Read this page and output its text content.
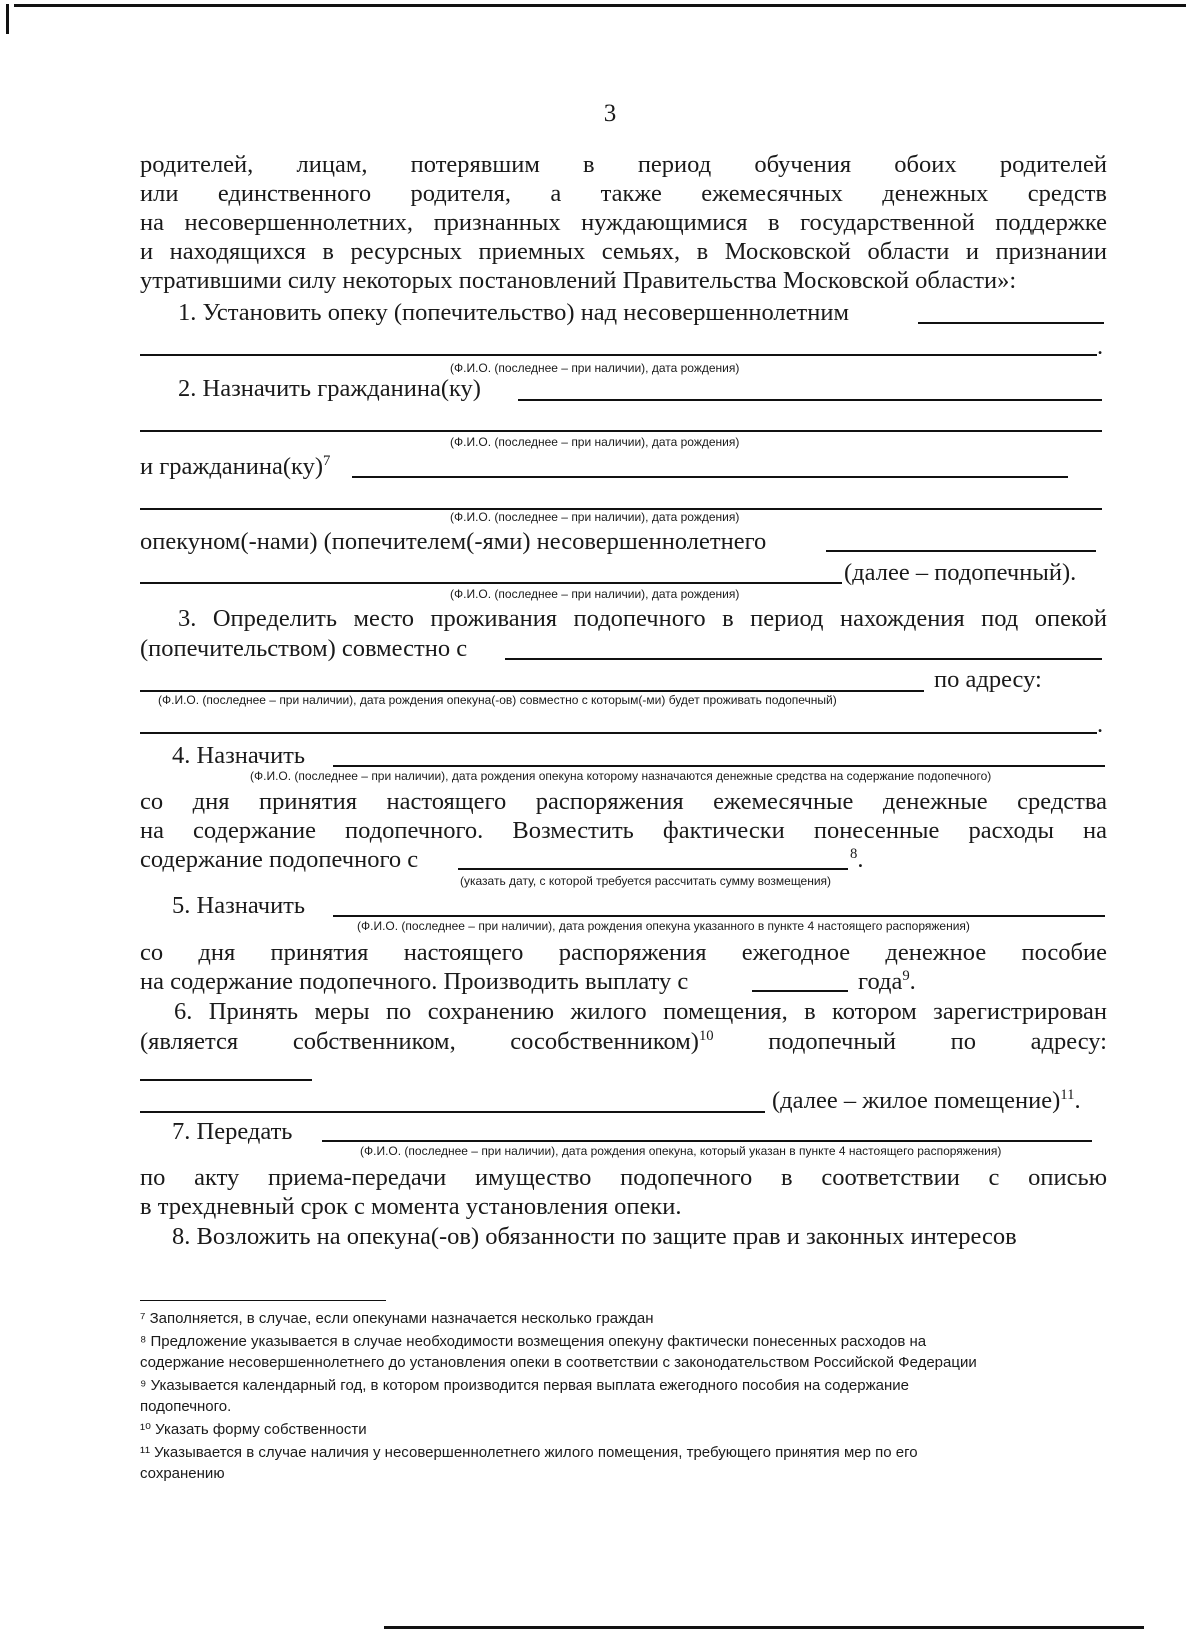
3
родителей, лицам, потерявшим в период обучения обоих родителей
или единственного родителя, а также ежемесячных денежных средств
на несовершеннолетних, признанных нуждающимися в государственной поддержке
и находящихся в ресурсных приемных семьях, в Московской области и признании
утратившими силу некоторых постановлений Правительства Московской области»:
1. Установить опеку (попечительство) над несовершеннолетним
.
(Ф.И.О. (последнее – при наличии), дата рождения)
2. Назначить гражданина(ку)
(Ф.И.О. (последнее – при наличии), дата рождения)
и гражданина(ку)$^7$
(Ф.И.О. (последнее – при наличии), дата рождения)
опекуном(-нами) (попечителем(-ями) несовершеннолетнего
(далее – подопечный).
(Ф.И.О. (последнее – при наличии), дата рождения)
3. Определить место проживания подопечного в период нахождения под опекой
(попечительством) совместно с
по адресу:
(Ф.И.О. (последнее – при наличии), дата рождения опекуна(-ов) совместно с которым(-ми) будет проживать подопечный)
.
4. Назначить
(Ф.И.О. (последнее – при наличии), дата рождения опекуна которому назначаются денежные средства на содержание подопечного)
со дня принятия настоящего распоряжения ежемесячные денежные средства
на содержание подопечного. Возместить фактически понесенные расходы на
содержание подопечного с	$^8$.
(указать дату, с которой требуется рассчитать сумму возмещения)
5. Назначить
(Ф.И.О. (последнее – при наличии), дата рождения опекуна указанного в пункте 4 настоящего распоряжения)
со дня принятия настоящего распоряжения ежегодное денежное пособие
на содержание подопечного. Производить выплату с	года$^9$.
6. Принять меры по сохранению жилого помещения, в котором зарегистрирован
(является собственником, сособственником)$^{10}$ подопечный по адресу:
(далее – жилое помещение)$^{11}$.
7. Передать
(Ф.И.О. (последнее – при наличии), дата рождения опекуна, который указан в пункте 4 настоящего распоряжения)
по акту приема-передачи имущество подопечного в соответствии с описью
в трехдневный срок с момента установления опеки.
8. Возложить на опекуна(-ов) обязанности по защите прав и законных интересов
⁷ Заполняется, в случае, если опекунами назначается несколько граждан
⁸ Предложение указывается в случае необходимости возмещения опекуну фактически понесенных расходов на
содержание несовершеннолетнего до установления опеки в соответствии с законодательством Российской Федерации
⁹ Указывается календарный год, в котором производится первая выплата ежегодного пособия на содержание
подопечного.
¹⁰ Указать форму собственности
¹¹ Указывается в случае наличия у несовершеннолетнего жилого помещения, требующего принятия мер по его
сохранению
